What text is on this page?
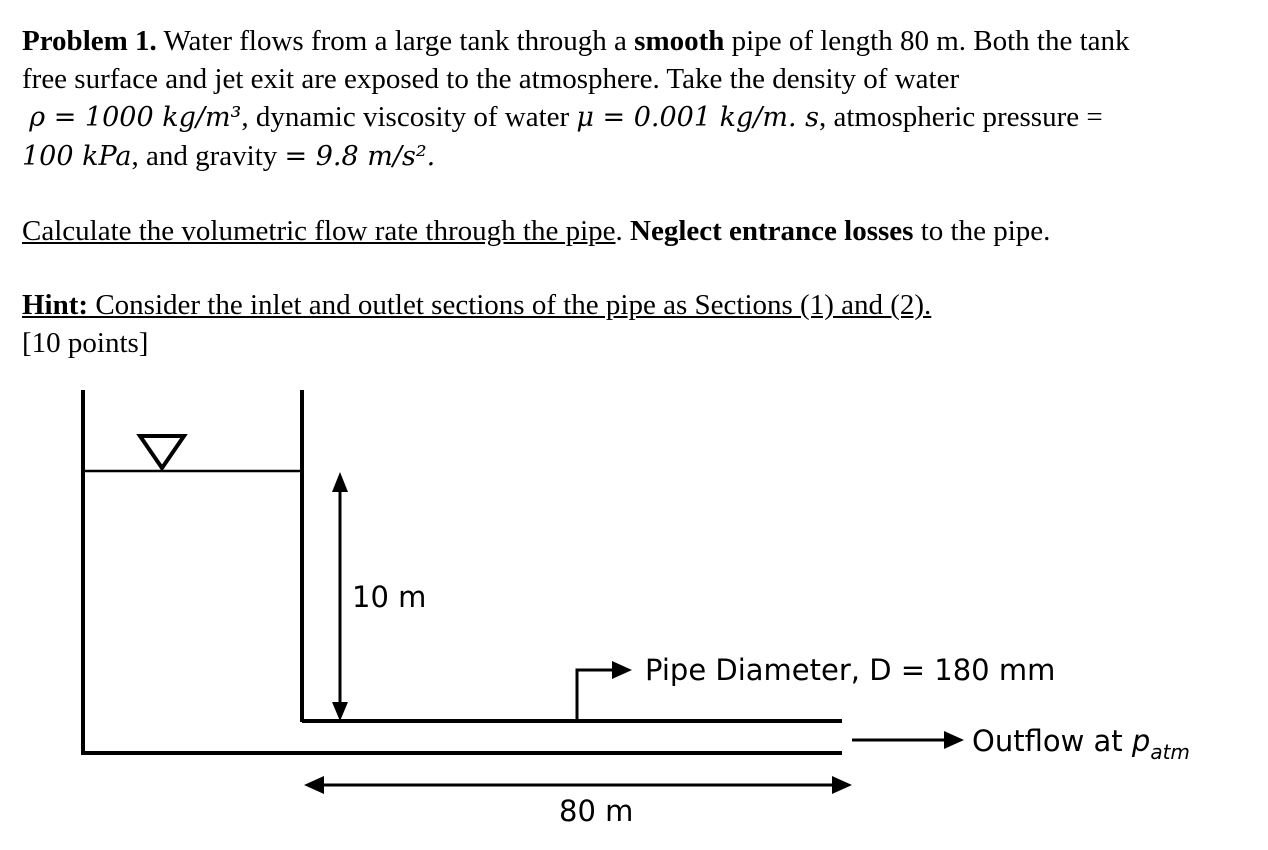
Problem 1. Water flows from a large tank through a smooth pipe of length 80 m. Both the tank
free surface and jet exit are exposed to the atmosphere. Take the density of water
ρ = 1000 kg/m³, dynamic viscosity of water μ = 0.001 kg/m. s, atmospheric pressure =
100 kPa, and gravity = 9.8 m/s².
Calculate the volumetric flow rate through the pipe. Neglect entrance losses to the pipe.
Hint: Consider the inlet and outlet sections of the pipe as Sections (1) and (2).
[10 points]
10 m
Pipe Diameter, D = 180 mm
Outflow at $p_{atm}$
80 m
